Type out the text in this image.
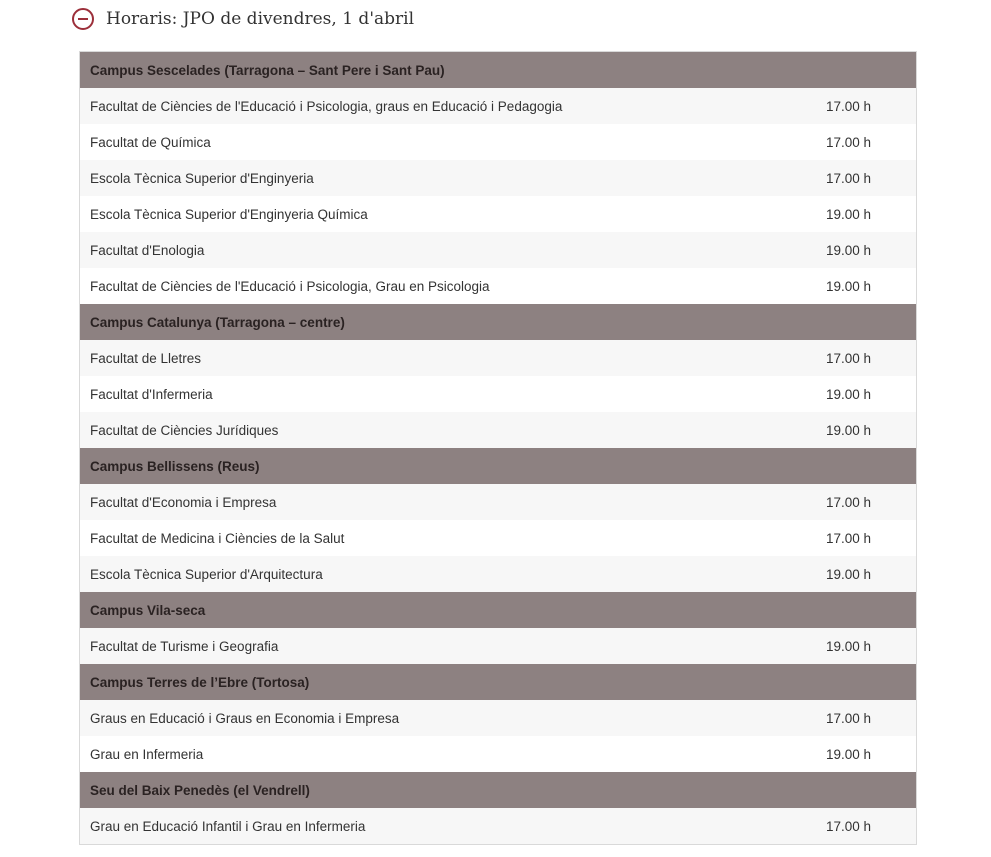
Horaris: JPO de divendres, 1 d'abril
Campus Sescelades (Tarragona – Sant Pere i Sant Pau)
Facultat de Ciències de l'Educació i Psicologia, graus en Educació i Pedagogia	17.00 h
Facultat de Química	17.00 h
Escola Tècnica Superior d'Enginyeria	17.00 h
Escola Tècnica Superior d'Enginyeria Química	19.00 h
Facultat d'Enologia	19.00 h
Facultat de Ciències de l'Educació i Psicologia, Grau en Psicologia	19.00 h
Campus Catalunya (Tarragona – centre)
Facultat de Lletres	17.00 h
Facultat d'Infermeria	19.00 h
Facultat de Ciències Jurídiques	19.00 h
Campus Bellissens (Reus)
Facultat d'Economia i Empresa	17.00 h
Facultat de Medicina i Ciències de la Salut	17.00 h
Escola Tècnica Superior d'Arquitectura	19.00 h
Campus Vila-seca
Facultat de Turisme i Geografia	19.00 h
Campus Terres de l’Ebre (Tortosa)
Graus en Educació i Graus en Economia i Empresa	17.00 h
Grau en Infermeria	19.00 h
Seu del Baix Penedès (el Vendrell)
Grau en Educació Infantil i Grau en Infermeria	17.00 h
